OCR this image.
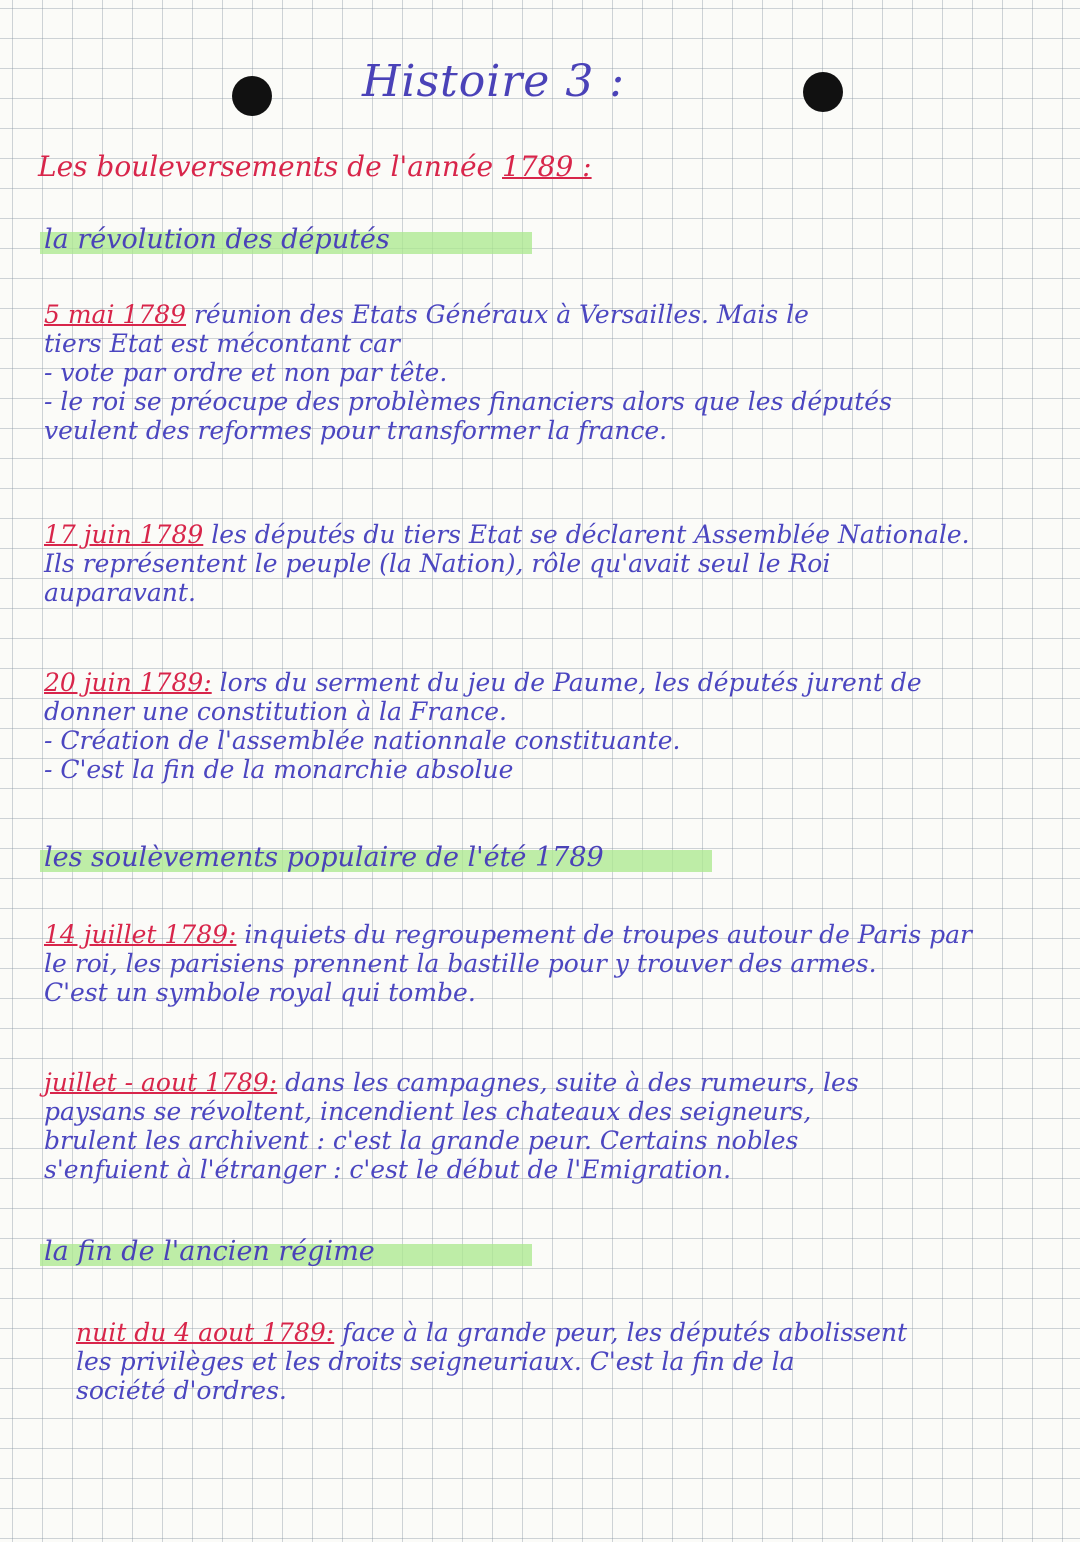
Histoire 3 :
Les bouleversements de l'année 1789 :
la révolution des députés
5 mai 1789 réunion des Etats Généraux à Versailles. Mais le
tiers Etat est mécontant car
- vote par ordre et non par tête.
- le roi se préocupe des problèmes financiers alors que les députés
veulent des reformes pour transformer la france.
17 juin 1789 les députés du tiers Etat se déclarent Assemblée Nationale.
Ils représentent le peuple (la Nation), rôle qu'avait seul le Roi
auparavant.
20 juin 1789: lors du serment du jeu de Paume, les députés jurent de
donner une constitution à la France.
- Création de l'assemblée nationnale constituante.
- C'est la fin de la monarchie absolue
les soulèvements populaire de l'été 1789
14 juillet 1789: inquiets du regroupement de troupes autour de Paris par
le roi, les parisiens prennent la bastille pour y trouver des armes.
C'est un symbole royal qui tombe.
juillet - aout 1789: dans les campagnes, suite à des rumeurs, les
paysans se révoltent, incendient les chateaux des seigneurs,
brulent les archivent : c'est la grande peur. Certains nobles
s'enfuient à l'étranger : c'est le début de l'Emigration.
la fin de l'ancien régime
nuit du 4 aout 1789: face à la grande peur, les députés abolissent
les privilèges et les droits seigneuriaux. C'est la fin de la
société d'ordres.
